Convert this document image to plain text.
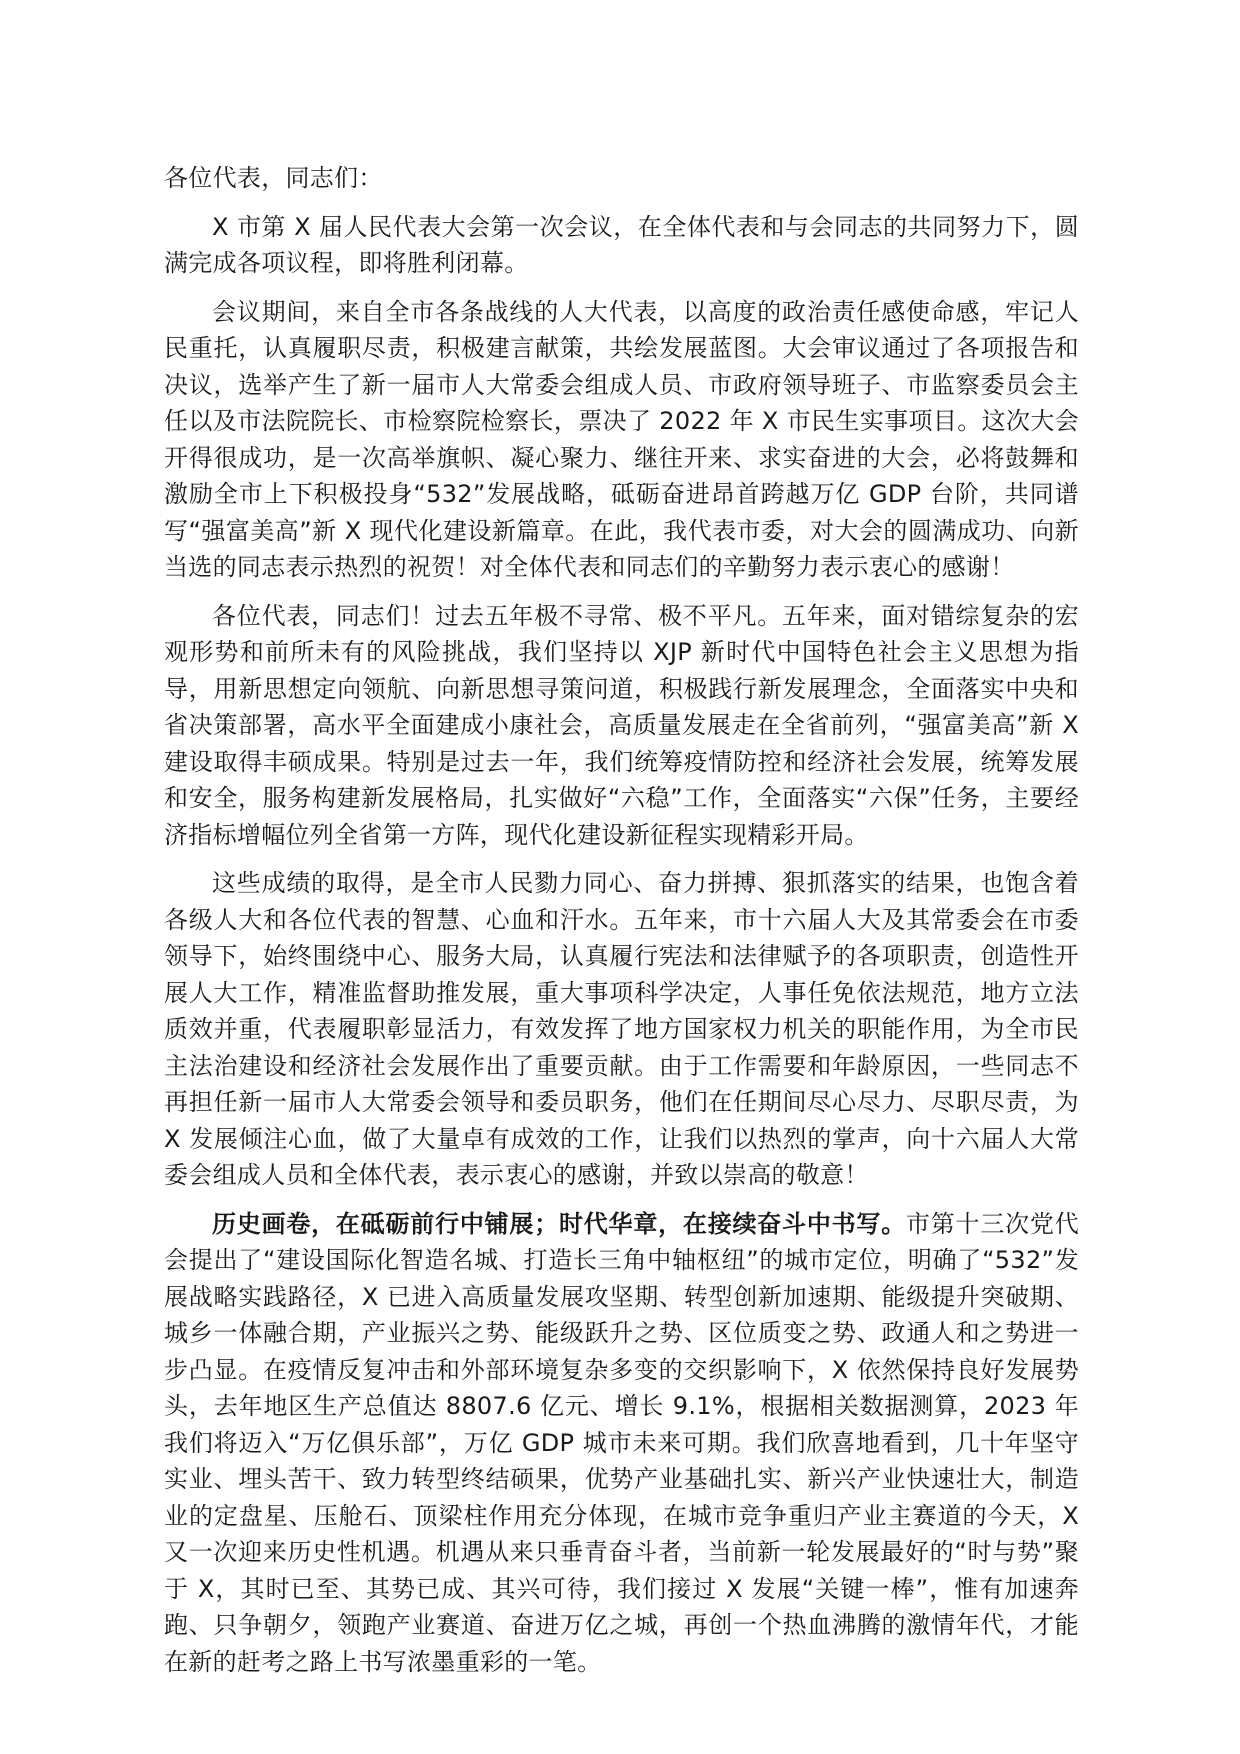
各位代表，同志们：

X 市第 X 届人民代表大会第一次会议，在全体代表和与会同志的共同努力下，圆满完成各项议程，即将胜利闭幕。

会议期间，来自全市各条战线的人大代表，以高度的政治责任感使命感，牢记人民重托，认真履职尽责，积极建言献策，共绘发展蓝图。大会审议通过了各项报告和决议，选举产生了新一届市人大常委会组成人员、市政府领导班子、市监察委员会主任以及市法院院长、市检察院检察长，票决了 2022 年 X 市民生实事项目。这次大会开得很成功，是一次高举旗帜、凝心聚力、继往开来、求实奋进的大会，必将鼓舞和激励全市上下积极投身“532”发展战略，砥砺奋进昂首跨越万亿 GDP 台阶，共同谱写“强富美高”新 X 现代化建设新篇章。在此，我代表市委，对大会的圆满成功、向新当选的同志表示热烈的祝贺！对全体代表和同志们的辛勤努力表示衷心的感谢！

各位代表，同志们！过去五年极不寻常、极不平凡。五年来，面对错综复杂的宏观形势和前所未有的风险挑战，我们坚持以 XJP 新时代中国特色社会主义思想为指导，用新思想定向领航、向新思想寻策问道，积极践行新发展理念，全面落实中央和省决策部署，高水平全面建成小康社会，高质量发展走在全省前列，“强富美高”新 X 建设取得丰硕成果。特别是过去一年，我们统筹疫情防控和经济社会发展，统筹发展和安全，服务构建新发展格局，扎实做好“六稳”工作，全面落实“六保”任务，主要经济指标增幅位列全省第一方阵，现代化建设新征程实现精彩开局。

这些成绩的取得，是全市人民勠力同心、奋力拼搏、狠抓落实的结果，也饱含着各级人大和各位代表的智慧、心血和汗水。五年来，市十六届人大及其常委会在市委领导下，始终围绕中心、服务大局，认真履行宪法和法律赋予的各项职责，创造性开展人大工作，精准监督助推发展，重大事项科学决定，人事任免依法规范，地方立法质效并重，代表履职彰显活力，有效发挥了地方国家权力机关的职能作用，为全市民主法治建设和经济社会发展作出了重要贡献。由于工作需要和年龄原因，一些同志不再担任新一届市人大常委会领导和委员职务，他们在任期间尽心尽力、尽职尽责，为 X 发展倾注心血，做了大量卓有成效的工作，让我们以热烈的掌声，向十六届人大常委会组成人员和全体代表，表示衷心的感谢，并致以崇高的敬意！

历史画卷，在砥砺前行中铺展；时代华章，在接续奋斗中书写。市第十三次党代会提出了“建设国际化智造名城、打造长三角中轴枢纽”的城市定位，明确了“532”发展战略实践路径，X 已进入高质量发展攻坚期、转型创新加速期、能级提升突破期、城乡一体融合期，产业振兴之势、能级跃升之势、区位质变之势、政通人和之势进一步凸显。在疫情反复冲击和外部环境复杂多变的交织影响下，X 依然保持良好发展势头，去年地区生产总值达 8807.6 亿元、增长 9.1%，根据相关数据测算，2023 年我们将迈入“万亿俱乐部”，万亿 GDP 城市未来可期。我们欣喜地看到，几十年坚守实业、埋头苦干、致力转型终结硕果，优势产业基础扎实、新兴产业快速壮大，制造业的定盘星、压舱石、顶梁柱作用充分体现，在城市竞争重归产业主赛道的今天，X 又一次迎来历史性机遇。机遇从来只垂青奋斗者，当前新一轮发展最好的“时与势”聚于 X，其时已至、其势已成、其兴可待，我们接过 X 发展“关键一棒”，惟有加速奔跑、只争朝夕，领跑产业赛道、奋进万亿之城，再创一个热血沸腾的激情年代，才能在新的赶考之路上书写浓墨重彩的一笔。
